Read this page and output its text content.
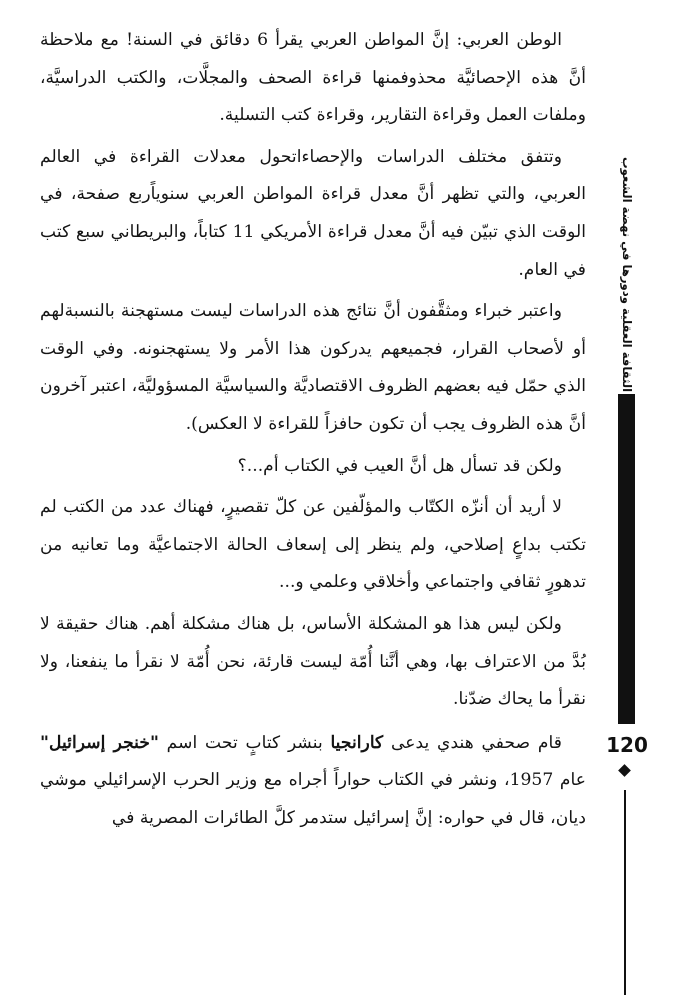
الوطن العربي: إنَّ المواطن العربي يقرأ 6 دقائق في السنة! مع ملاحظة أنَّ هذه الإحصائيَّة محذوفمنها قراءة الصحف والمجلَّات، والكتب الدراسيَّة، وملفات العمل وقراءة التقارير، وقراءة كتب التسلية.

وتتفق مختلف الدراسات والإحصاءاتحول معدلات القراءة في العالم العربي، والتي تظهر أنَّ معدل قراءة المواطن العربي سنوياًربع صفحة، في الوقت الذي تبيّن فيه أنَّ معدل قراءة الأمريكي 11 كتاباً، والبريطاني سبع كتب في العام.

واعتبر خبراء ومثقَّفون أنَّ نتائج هذه الدراسات ليست مستهجنة بالنسبةلهم أو لأصحاب القرار، فجميعهم يدركون هذا الأمر ولا يستهجنونه. وفي الوقت الذي حمّل فيه بعضهم الظروف الاقتصاديَّة والسياسيَّة المسؤوليَّة، اعتبر آخرون أنَّ هذه الظروف يجب أن تكون حافزاً للقراءة لا العكس).

ولكن قد تسأل هل أنَّ العيب في الكتاب أم...؟

لا أريد أن أنزّه الكتّاب والمؤلّفين عن كلّ تقصيرٍ، فهناك عدد من الكتب لم تكتب بداعٍ إصلاحي، ولم ينظر إلى إسعاف الحالة الاجتماعيَّة وما تعانيه من تدهورٍ ثقافي واجتماعي وأخلاقي وعلمي و...

ولكن ليس هذا هو المشكلة الأساس، بل هناك مشكلة أهم. هناك حقيقة لا بُدَّ من الاعتراف بها، وهي أنَّنا أُمّة ليست قارئة، نحن أُمّة لا نقرأ ما ينفعنا، ولا نقرأ ما يحاك ضدّنا.

قام صحفي هندي يدعى كارانجيا بنشر كتابٍ تحت اسم "خنجر إسرائيل" عام 1957، ونشر في الكتاب حواراً أجراه مع وزير الحرب الإسرائيلي موشي ديان، قال في حواره: إنَّ إسرائيل ستدمر كلَّ الطائرات المصرية في

الثقافة العقلية ودورها في نهضة الشعوب
120
